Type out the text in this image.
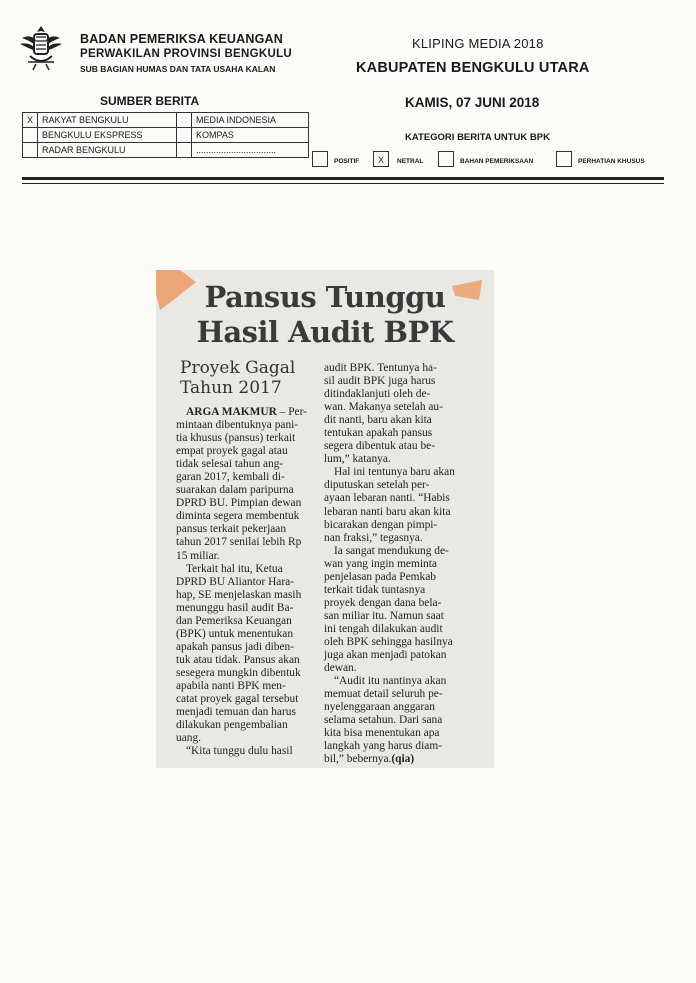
BADAN PEMERIKSA KEUANGAN
PERWAKILAN PROVINSI BENGKULU
SUB BAGIAN HUMAS DAN TATA USAHA KALAN
SUMBER BERITA
X	RAKYAT BENGKULU		MEDIA INDONESIA
	BENGKULU EKSPRESS		KOMPAS
	RADAR BENGKULU		................................
KLIPING MEDIA 2018
KABUPATEN BENGKULU UTARA
KAMIS, 07 JUNI 2018
KATEGORI BERITA UNTUK BPK
POSITIF	X	NETRAL	BAHAN PEMERIKSAAN	PERHATIAN KHUSUS
Pansus Tunggu
Hasil Audit BPK
Proyek Gagal
Tahun 2017
ARGA MAKMUR – Per-
mintaan dibentuknya pani-
tia khusus (pansus) terkait
empat proyek gagal atau
tidak selesai tahun ang-
garan 2017, kembali di-
suarakan dalam paripurna
DPRD BU. Pimpian dewan
diminta segera membentuk
pansus terkait pekerjaan
tahun 2017 senilai lebih Rp
15 miliar.
Terkait hal itu, Ketua
DPRD BU Aliantor Hara-
hap, SE menjelaskan masih
menunggu hasil audit Ba-
dan Pemeriksa Keuangan
(BPK) untuk menentukan
apakah pansus jadi diben-
tuk atau tidak. Pansus akan
sesegera mungkin dibentuk
apabila nanti BPK men-
catat proyek gagal tersebut
menjadi temuan dan harus
dilakukan pengembalian
uang.
“Kita tunggu dulu hasil
audit BPK. Tentunya ha-
sil audit BPK juga harus
ditindaklanjuti oleh de-
wan. Makanya setelah au-
dit nanti, baru akan kita
tentukan apakah pansus
segera dibentuk atau be-
lum,” katanya.
Hal ini tentunya baru akan
diputuskan setelah per-
ayaan lebaran nanti. “Habis
lebaran nanti baru akan kita
bicarakan dengan pimpi-
nan fraksi,” tegasnya.
Ia sangat mendukung de-
wan yang ingin meminta
penjelasan pada Pemkab
terkait tidak tuntasnya
proyek dengan dana bela-
san miliar itu. Namun saat
ini tengah dilakukan audit
oleh BPK sehingga hasilnya
juga akan menjadi patokan
dewan.
“Audit itu nantinya akan
memuat detail seluruh pe-
nyelenggaraan anggaran
selama setahun. Dari sana
kita bisa menentukan apa
langkah yang harus diam-
bil,” bebernya.(qia)
